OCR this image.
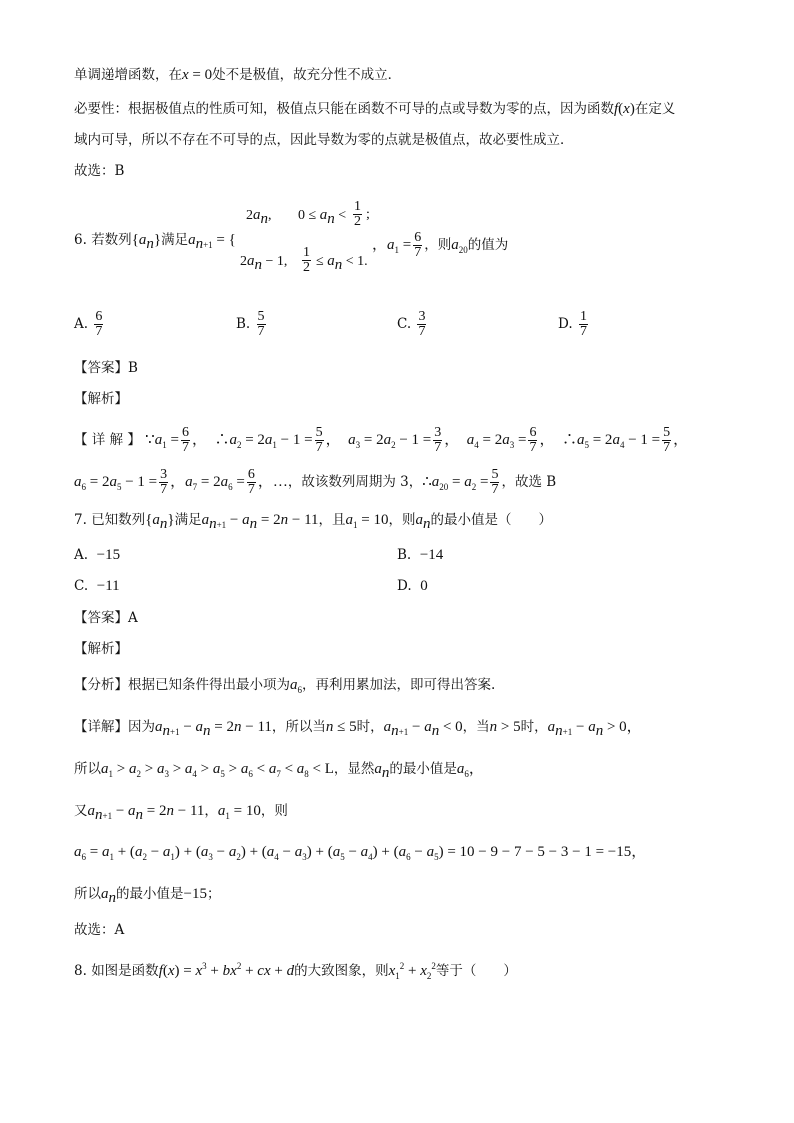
单调递增函数，在x = 0处不是极值，故充分性不成立．
必要性：根据极值点的性质可知，极值点只能在函数不可导的点或导数为零的点，因为函数f(x)在定义
域内可导，所以不存在不可导的点，因此导数为零的点就是极值点，故必要性成立．
故选：B
$2a_n$, $0 \le a_n < \frac{1}{2}$ ;
6. 若数列$\{a_n\}$满足$a_{n+1}$ = {	，$a_1 = \frac{6}{7}$ ，则$a_{20}$的值为
$2a_n - 1$, $\frac{1}{2} \le a_n < 1$.
A. $\frac{6}{7}$	B. $\frac{5}{7}$	C. $\frac{3}{7}$	D. $\frac{1}{7}$
【答案】B
【解析】
【 详 解 】 $\because a_1 = \frac{6}{7}$ ，  $\therefore a_2 = 2a_1 - 1 = \frac{5}{7}$ ，  $a_3 = 2a_2 - 1 = \frac{3}{7}$ ，  $a_4 = 2a_3 = \frac{6}{7}$ ，  $\therefore a_5 = 2a_4 - 1 = \frac{5}{7}$ ，
$a_6 = 2a_5 - 1 = \frac{3}{7}$ ，$a_7 = 2a_6 = \frac{6}{7}$ ，…，故该数列周期为 3，$\therefore a_{20} = a_2 = \frac{5}{7}$ ，故选 B
7. 已知数列$\{a_n\}$满足$a_{n+1} - a_n = 2n - 11$，且$a_1 = 10$，则$a_n$的最小值是（　　）
A. −15	B. −14
C. −11	D. 0
【答案】A
【解析】
【分析】根据已知条件得出最小项为$a_6$，再利用累加法，即可得出答案.
【详解】因为$a_{n+1} - a_n = 2n - 11$，所以当n ≤ 5时，$a_{n+1} - a_n < 0$，当n > 5时，$a_{n+1} - a_n > 0$，
所以$a_1 > a_2 > a_3 > a_4 > a_5 > a_6 < a_7 < a_8 < L$，显然$a_n$的最小值是$a_6$，
又$a_{n+1} - a_n = 2n - 11$，$a_1 = 10$，则
$a_6 = a_1 + (a_2 - a_1) + (a_3 - a_2) + (a_4 - a_3) + (a_5 - a_4) + (a_6 - a_5) = 10 - 9 - 7 - 5 - 3 - 1 = -15$，
所以$a_n$的最小值是−15；
故选：A
8. 如图是函数$f(x) = x^3 + bx^2$ + cx + d的大致图象，则$x_1^2 + x_2^2$等于（　　）
